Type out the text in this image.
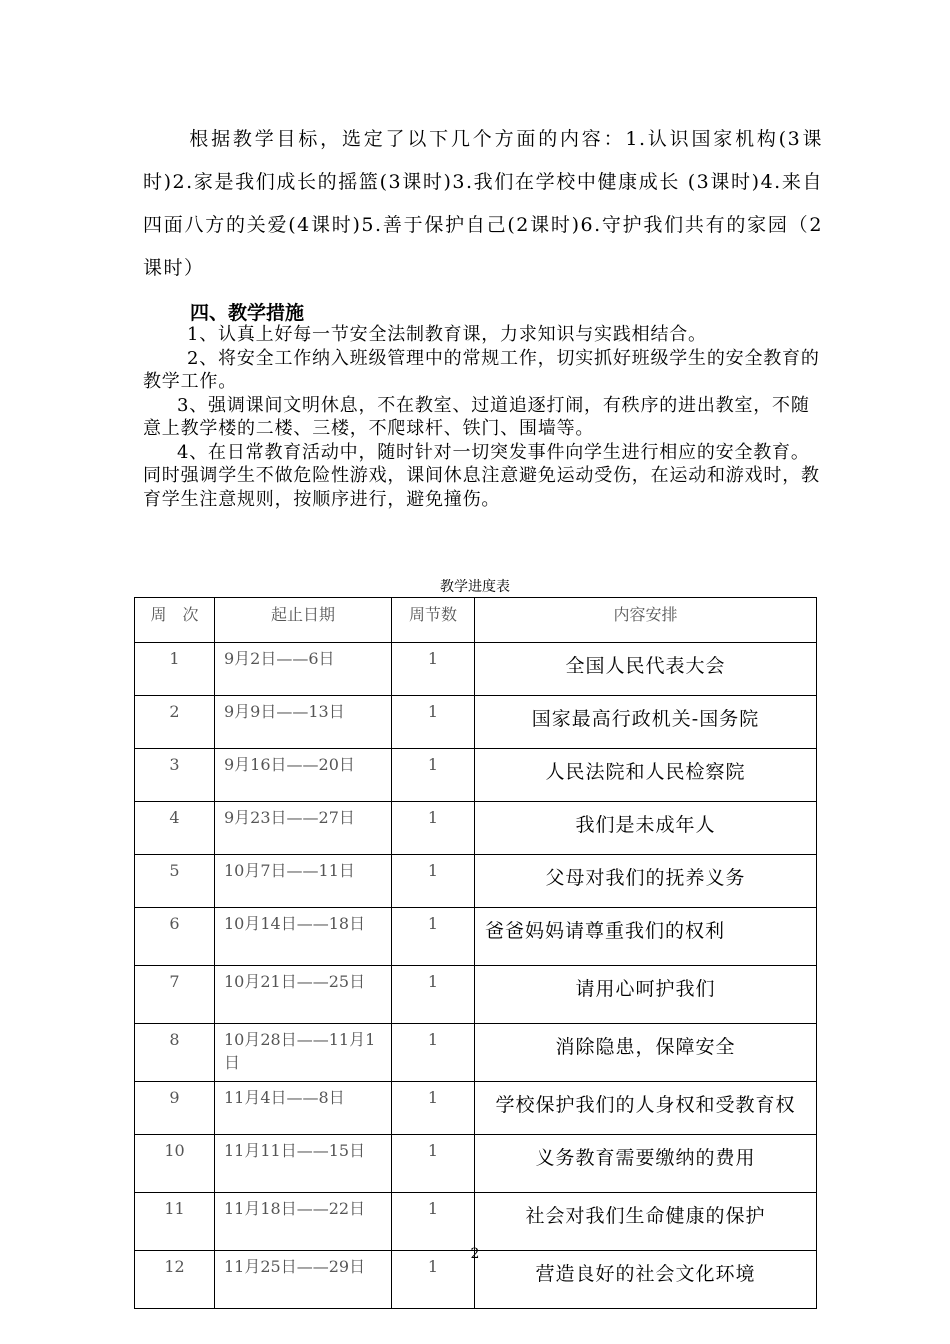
根据教学目标，选定了以下几个方面的内容：1.认识国家机构(3课时)2.家是我们成长的摇篮(3课时)3.我们在学校中健康成长 (3课时)4.来自四面八方的关爱(4课时)5.善于保护自己(2课时)6.守护我们共有的家园（2课时）
四、教学措施

1、认真上好每一节安全法制教育课，力求知识与实践相结合。

2、将安全工作纳入班级管理中的常规工作，切实抓好班级学生的安全教育的教学工作。

3、强调课间文明休息，不在教室、过道追逐打闹，有秩序的进出教室，不随意上教学楼的二楼、三楼，不爬球杆、铁门、围墙等。

4、在日常教育活动中，随时针对一切突发事件向学生进行相应的安全教育。同时强调学生不做危险性游戏，课间休息注意避免运动受伤，在运动和游戏时，教育学生注意规则，按顺序进行，避免撞伤。

教学进度表
周　次	起止日期	周节数	内容安排
1	9月2日——6日	1	全国人民代表大会
2	9月9日——13日	1	国家最高行政机关-国务院
3	9月16日——20日	1	人民法院和人民检察院
4	9月23日——27日	1	我们是未成年人
5	10月7日——11日	1	父母对我们的抚养义务
6	10月14日——18日	1	爸爸妈妈请尊重我们的权利
7	10月21日——25日	1	请用心呵护我们
8	10月28日——11月1日	1	消除隐患，保障安全
9	11月4日——8日	1	学校保护我们的人身权和受教育权
10	11月11日——15日	1	义务教育需要缴纳的费用
11	11月18日——22日	1	社会对我们生命健康的保护
12	11月25日——29日	1	营造良好的社会文化环境
2
